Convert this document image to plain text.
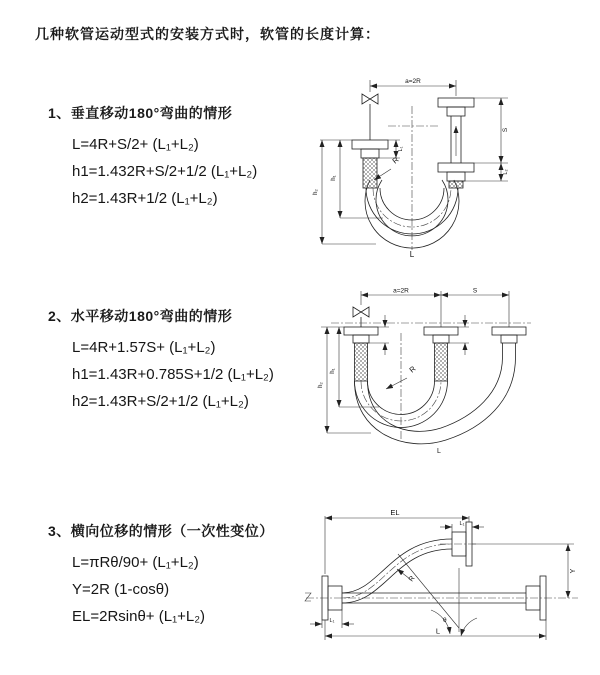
几种软管运动型式的安装方式时，软管的长度计算：
1、垂直移动180°弯曲的情形

L=4R+S/2+ (L₁+L₂)

h1=1.432R+S/2+1/2 (L₁+L₂)

h2=1.43R+1/2 (L₁+L₂)

a=2R
L₁
S
L₂
h₁
h₂
R
L
2、水平移动180°弯曲的情形

L=4R+1.57S+ (L₁+L₂)

h1=1.43R+0.785S+1/2 (L₁+L₂)

h2=1.43R+S/2+1/2 (L₁+L₂)

a=2R	S
h₁
h₂
R
L
3、横向位移的情形（一次性变位）

L=πRθ/90+ (L₁+L₂)

Y=2R (1-cosθ)

EL=2Rsinθ+ (L₁+L₂)	θ
R
EL
L₁
Y
L
L₁
